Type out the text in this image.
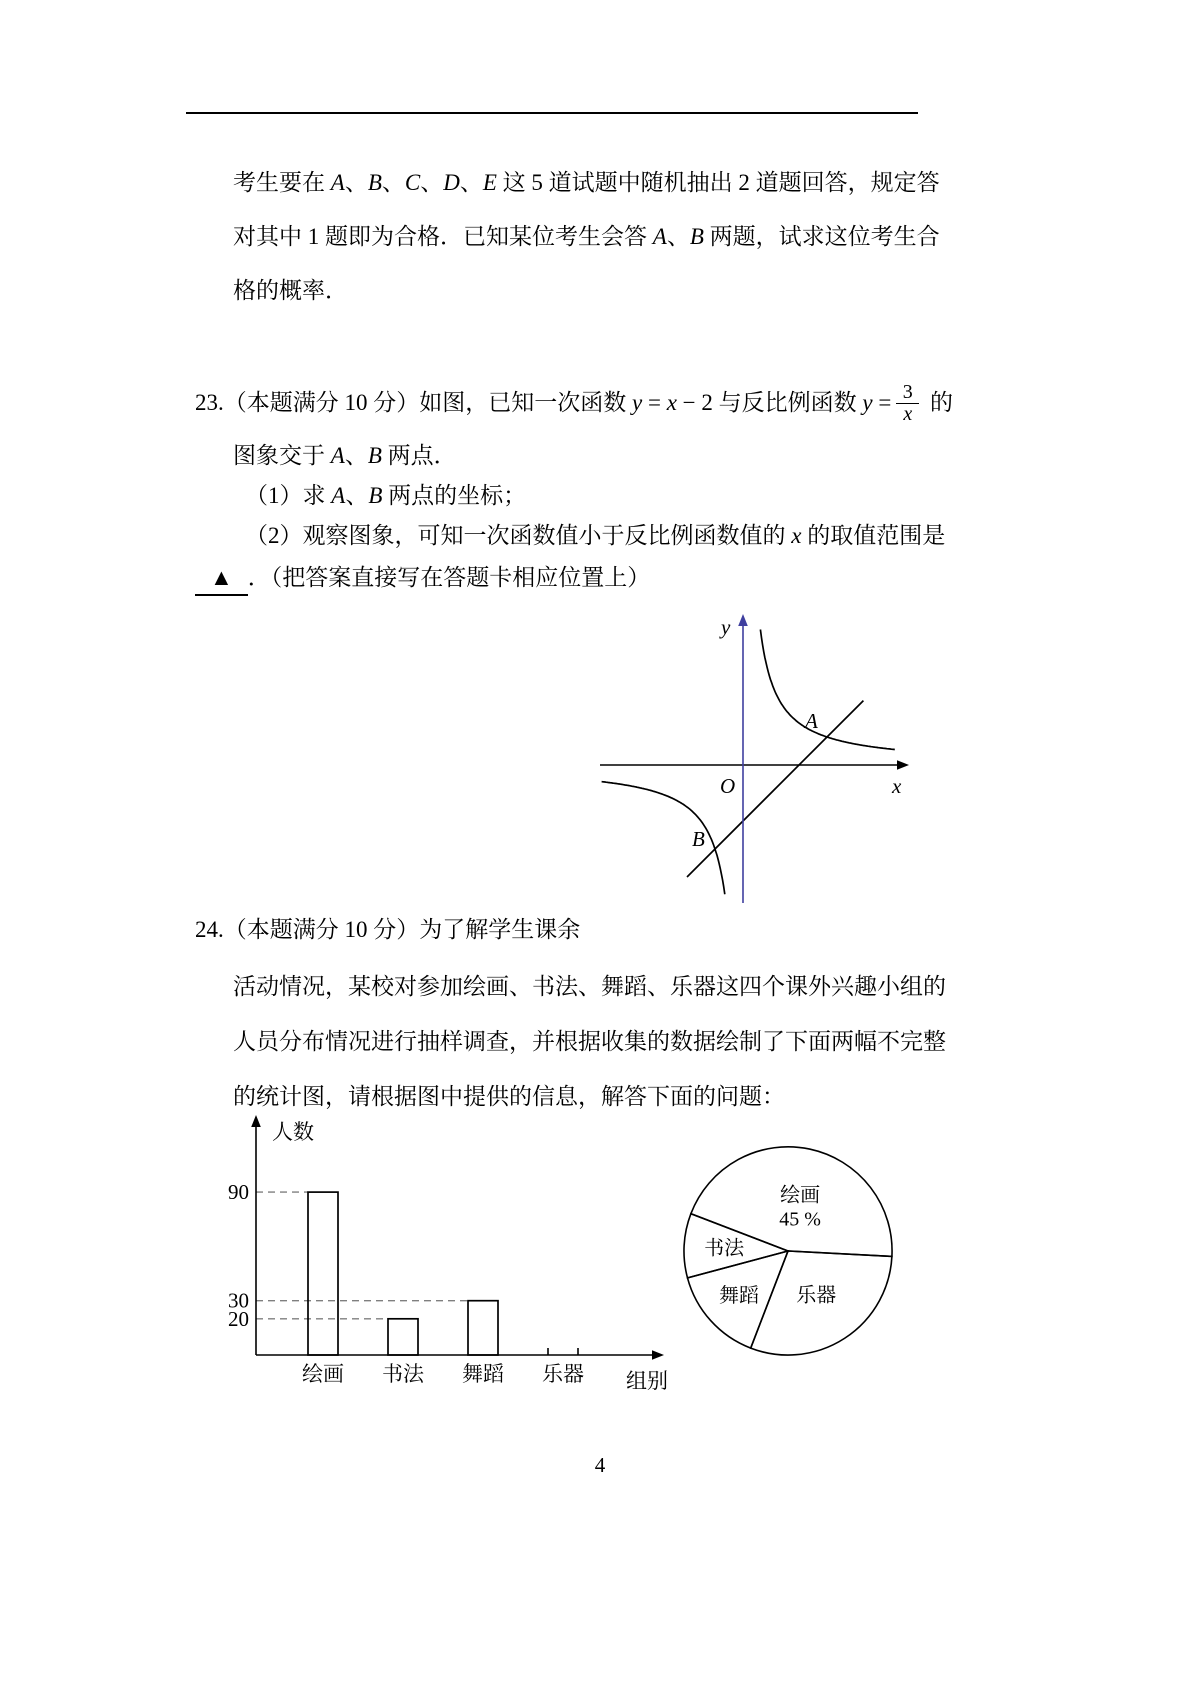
考生要在 A、B、C、D、E 这 5 道试题中随机抽出 2 道题回答，规定答
对其中 1 题即为合格．已知某位考生会答 A、B 两题，试求这位考生合
格的概率．
23.（本题满分 10 分）如图，已知一次函数 y = x − 2 与反比例函数 $y = \frac{3}{x}$ 的
图象交于 A、B 两点．
（1）求 A、B 两点的坐标；
（2）观察图象，可知一次函数值小于反比例函数值的 x 的取值范围是
▲ ．（把答案直接写在答题卡相应位置上）
y
x
O
A
B
24.（本题满分 10 分）为了解学生课余
活动情况，某校对参加绘画、书法、舞蹈、乐器这四个课外兴趣小组的
人员分布情况进行抽样调查，并根据收集的数据绘制了下面两幅不完整
的统计图，请根据图中提供的信息，解答下面的问题：
90
30
20
绘画 书法 舞蹈 乐器
人数
组别
绘画
45 %
书法
舞蹈 乐器
4
